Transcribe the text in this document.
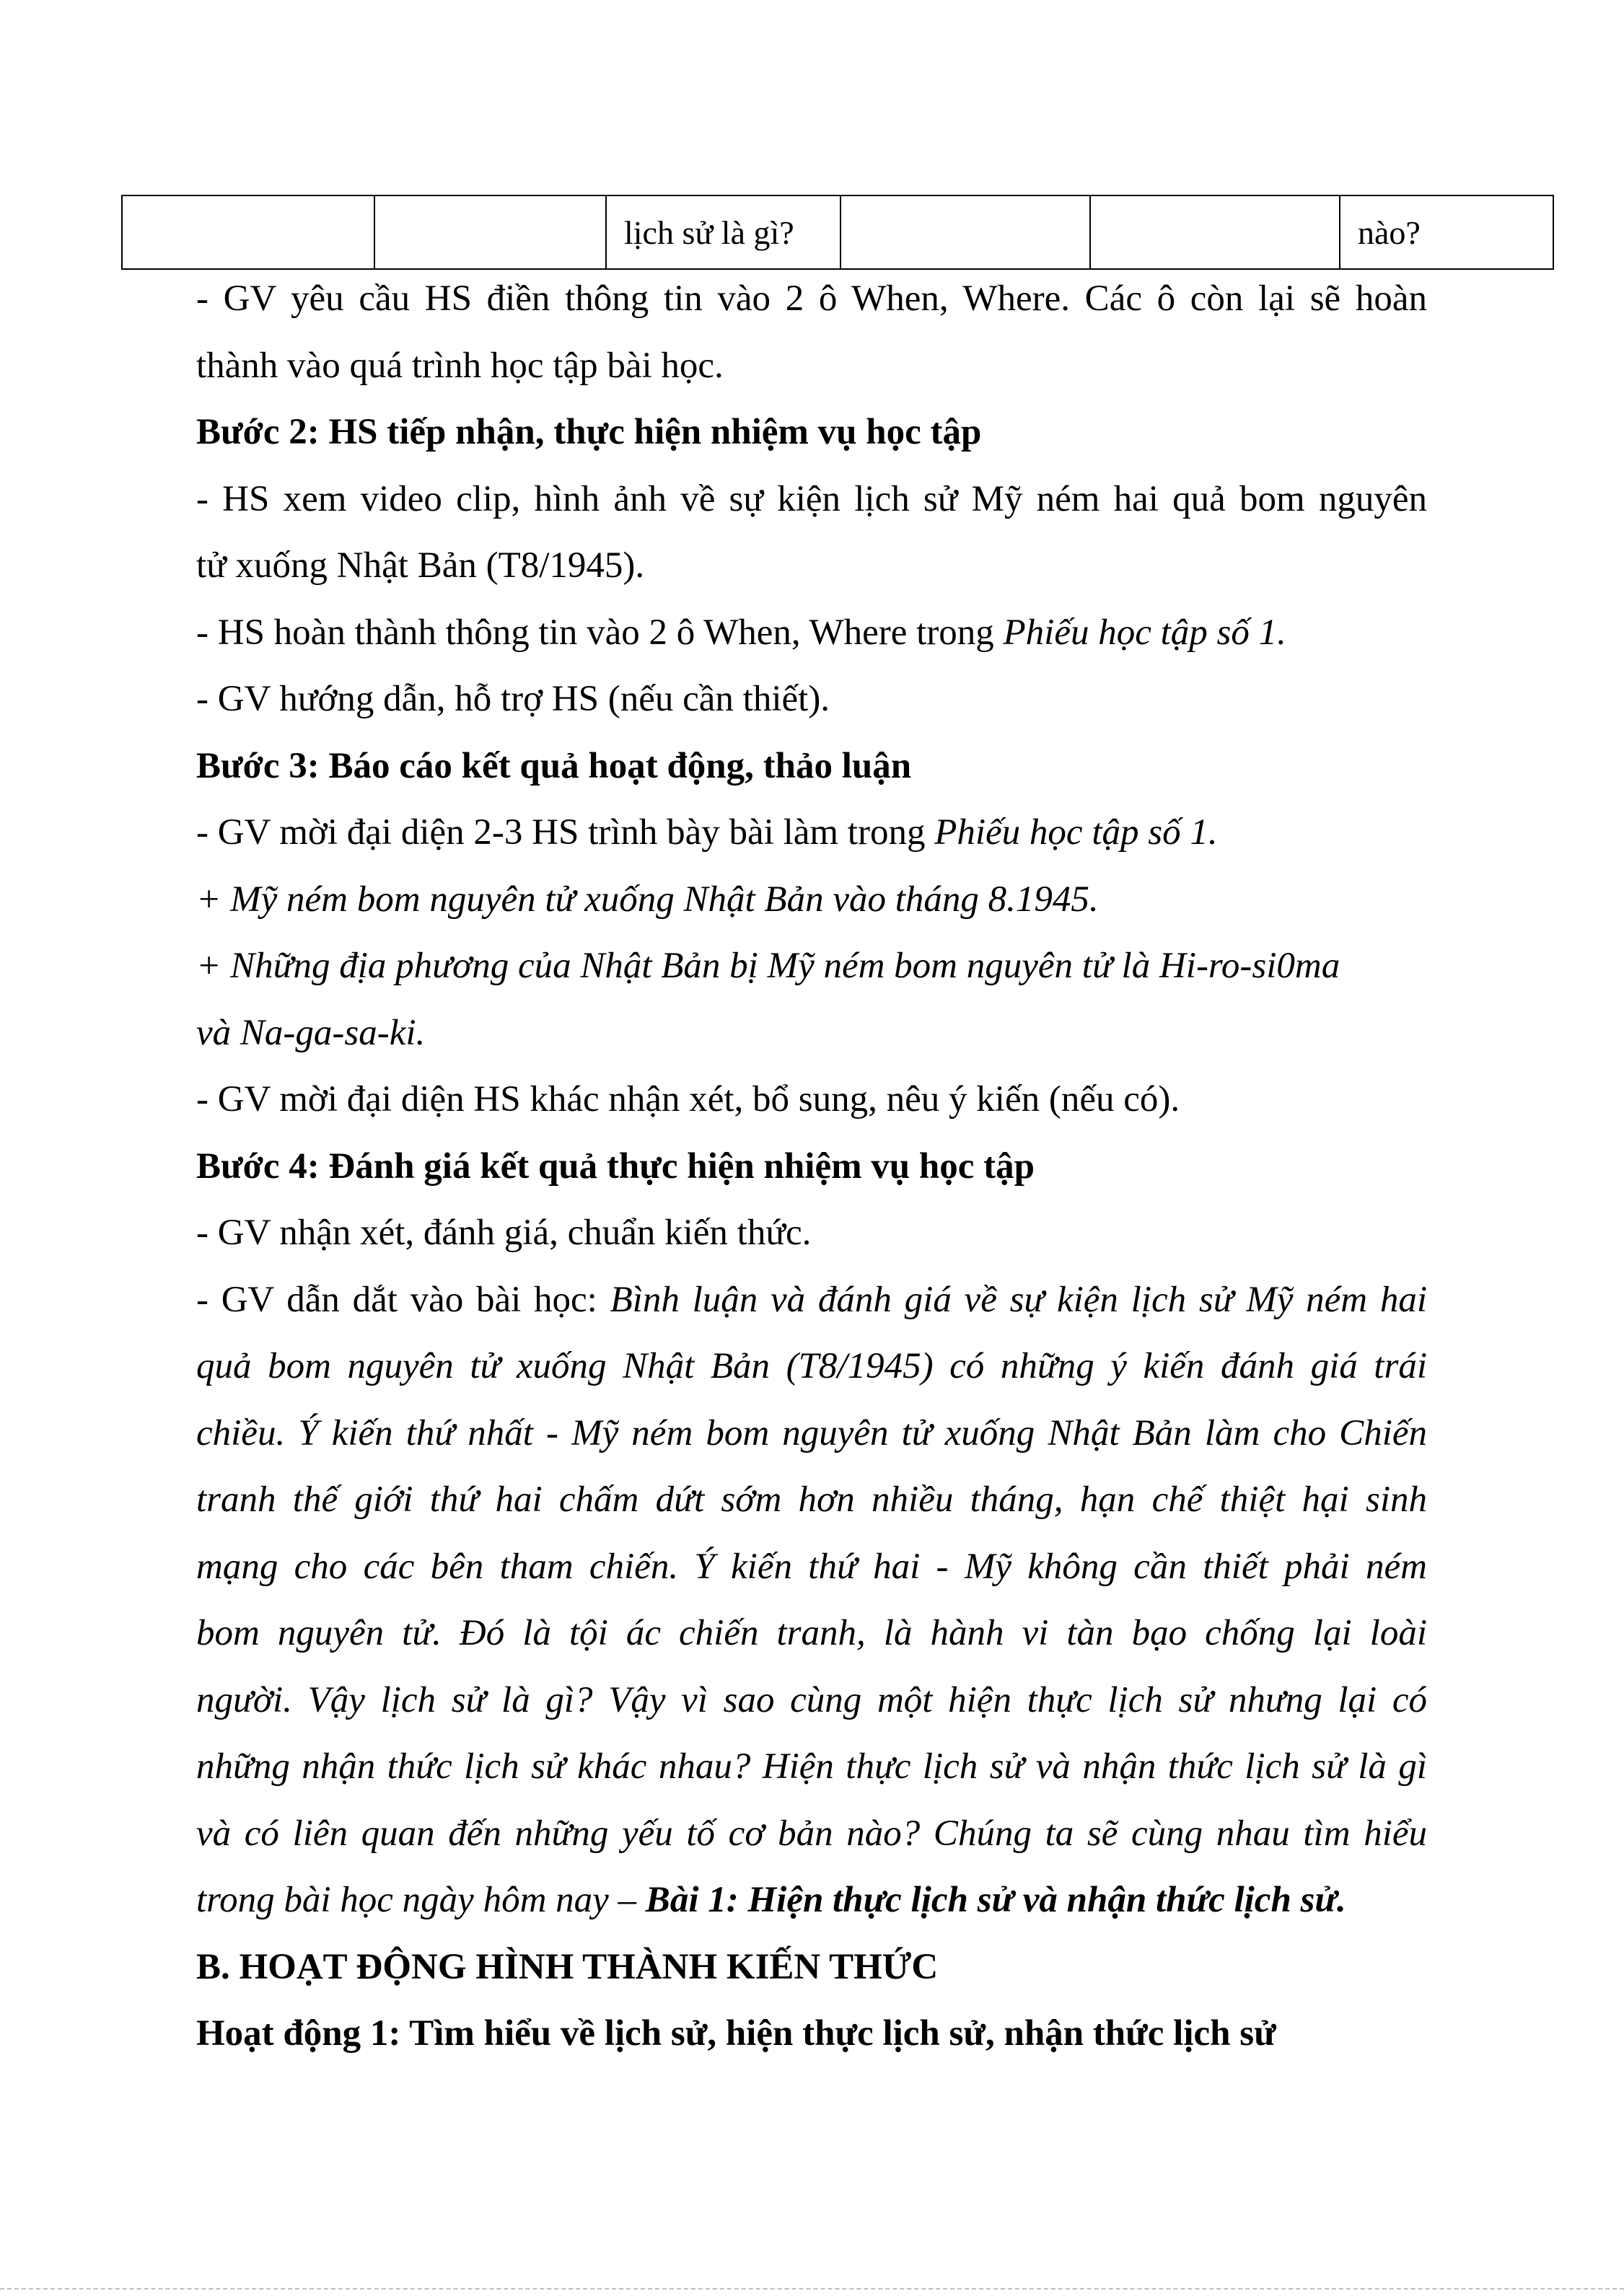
		lịch sử là gì?			nào?

- GV yêu cầu HS điền thông tin vào 2 ô When, Where. Các ô còn lại sẽ hoàn

thành vào quá trình học tập bài học.

Bước 2: HS tiếp nhận, thực hiện nhiệm vụ học tập

- HS xem video clip, hình ảnh về sự kiện lịch sử Mỹ ném hai quả bom nguyên

tử xuống Nhật Bản (T8/1945).

- HS hoàn thành thông tin vào 2 ô When, Where trong Phiếu học tập số 1.

- GV hướng dẫn, hỗ trợ HS (nếu cần thiết).

Bước 3: Báo cáo kết quả hoạt động, thảo luận

- GV mời đại diện 2-3 HS trình bày bài làm trong Phiếu học tập số 1.

+ Mỹ ném bom nguyên tử xuống Nhật Bản vào tháng 8.1945.

+ Những địa phương của Nhật Bản bị Mỹ ném bom nguyên tử là Hi-ro-si0ma

và Na-ga-sa-ki.

- GV mời đại diện HS khác nhận xét, bổ sung, nêu ý kiến (nếu có).

Bước 4: Đánh giá kết quả thực hiện nhiệm vụ học tập

- GV nhận xét, đánh giá, chuẩn kiến thức.

- GV dẫn dắt vào bài học: Bình luận và đánh giá về sự kiện lịch sử Mỹ ném hai

quả bom nguyên tử xuống Nhật Bản (T8/1945) có những ý kiến đánh giá trái

chiều. Ý kiến thứ nhất - Mỹ ném bom nguyên tử xuống Nhật Bản làm cho Chiến

tranh thế giới thứ hai chấm dứt sớm hơn nhiều tháng, hạn chế thiệt hại sinh

mạng cho các bên tham chiến. Ý kiến thứ hai - Mỹ không cần thiết phải ném

bom nguyên tử. Đó là tội ác chiến tranh, là hành vi tàn bạo chống lại loài

người. Vậy lịch sử là gì? Vậy vì sao cùng một hiện thực lịch sử nhưng lại có

những nhận thức lịch sử khác nhau? Hiện thực lịch sử và nhận thức lịch sử là gì

và có liên quan đến những yếu tố cơ bản nào? Chúng ta sẽ cùng nhau tìm hiểu

trong bài học ngày hôm nay – Bài 1: Hiện thực lịch sử và nhận thức lịch sử.

B. HOẠT ĐỘNG HÌNH THÀNH KIẾN THỨC

Hoạt động 1: Tìm hiểu về lịch sử, hiện thực lịch sử, nhận thức lịch sử
